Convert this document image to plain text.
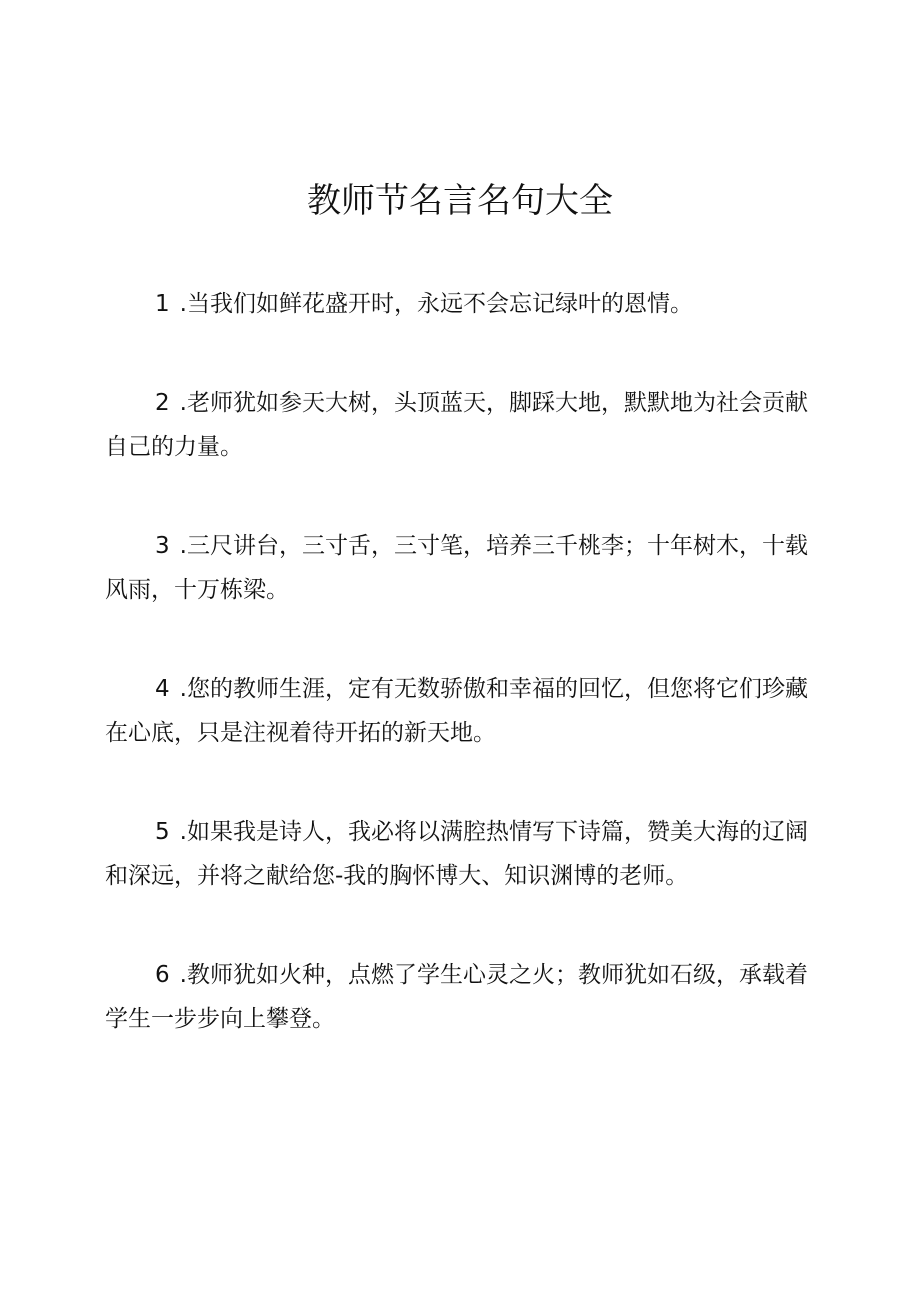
教师节名言名句大全
1 .当我们如鲜花盛开时，永远不会忘记绿叶的恩情。
2 .老师犹如参天大树，头顶蓝天，脚踩大地，默默地为社会贡献自己的力量。
3 .三尺讲台，三寸舌，三寸笔，培养三千桃李；十年树木，十载风雨，十万栋梁。
4 .您的教师生涯，定有无数骄傲和幸福的回忆，但您将它们珍藏在心底，只是注视着待开拓的新天地。
5 .如果我是诗人，我必将以满腔热情写下诗篇，赞美大海的辽阔和深远，并将之献给您-我的胸怀博大、知识渊博的老师。
6 .教师犹如火种，点燃了学生心灵之火；教师犹如石级，承载着学生一步步向上攀登。
